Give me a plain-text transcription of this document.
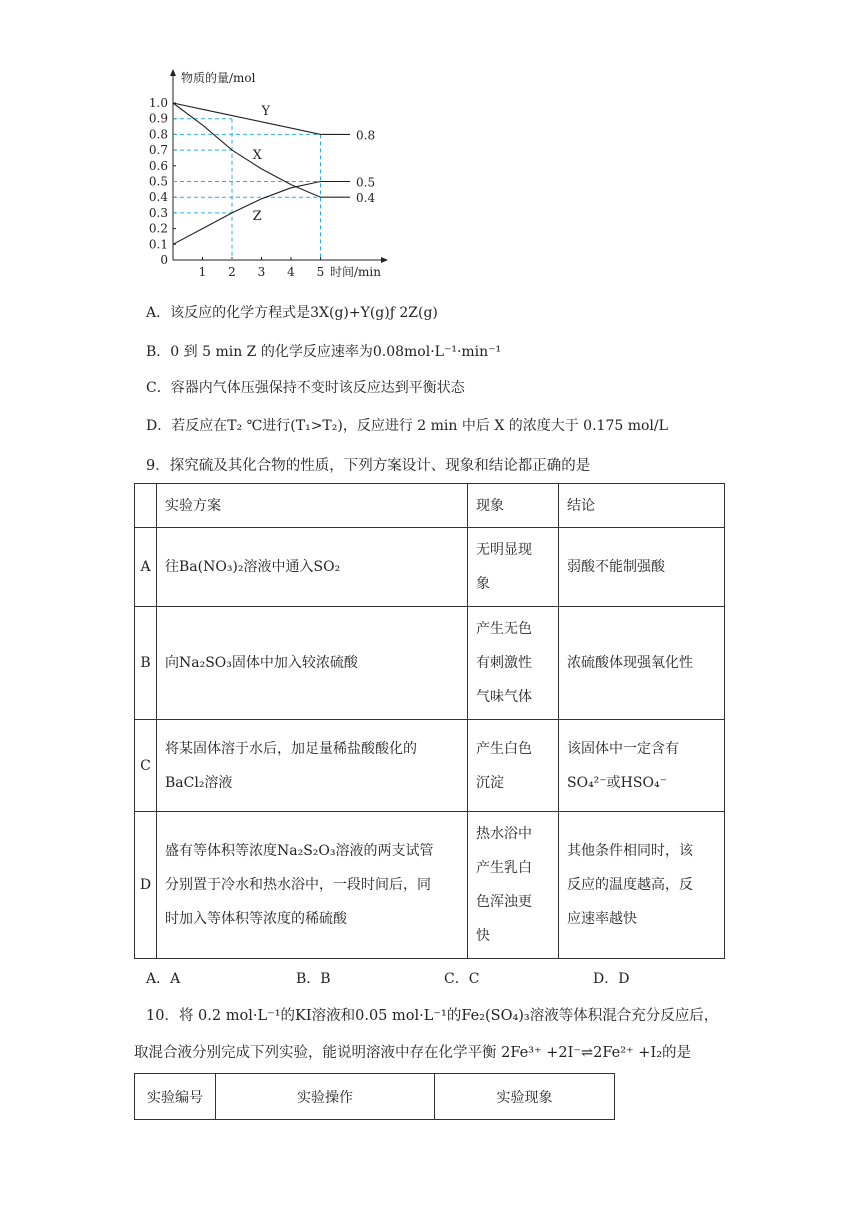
0
0.1
0.2
0.3
0.4
0.5
0.6
0.7
0.8
0.9
1.0
1 2 3 4 5
物质的量/mol
时间/min
Y
0.8
X
0.4
Z
0.5
A．该反应的化学方程式是3X(g)+Y(g)ƒ 2Z(g)
B．0 到 5 min Z 的化学反应速率为0.08mol·L⁻¹·min⁻¹
C．容器内气体压强保持不变时该反应达到平衡状态
D．若反应在T₂ ℃进行(T₁>T₂)，反应进行 2 min 中后 X 的浓度大于 0.175 mol/L
9．探究硫及其化合物的性质，下列方案设计、现象和结论都正确的是
	实验方案	现象	结论
A	往Ba(NO₃)₂溶液中通入SO₂	无明显现
象	弱酸不能制强酸

B	向Na₂SO₃固体中加入较浓硫酸	产生无色
有刺激性
气味气体	浓硫酸体现强氧化性

C	将某固体溶于水后，加足量稀盐酸酸化的
BaCl₂溶液	产生白色
沉淀	该固体中一定含有
SO₄²⁻或HSO₄⁻

D	盛有等体积等浓度Na₂S₂O₃溶液的两支试管
分别置于冷水和热水浴中，一段时间后，同
时加入等体积等浓度的稀硫酸	热水浴中
产生乳白
色浑浊更
快	其他条件相同时，该
反应的温度越高，反
应速率越快
A．A	B．B	C．C	D．D
10．将 0.2 mol·L⁻¹的KI溶液和0.05 mol·L⁻¹的Fe₂(SO₄)₃溶液等体积混合充分反应后，
取混合液分别完成下列实验，能说明溶液中存在化学平衡 2Fe³⁺ +2I⁻⇌2Fe²⁺ +I₂的是
实验编号	实验操作	实验现象
